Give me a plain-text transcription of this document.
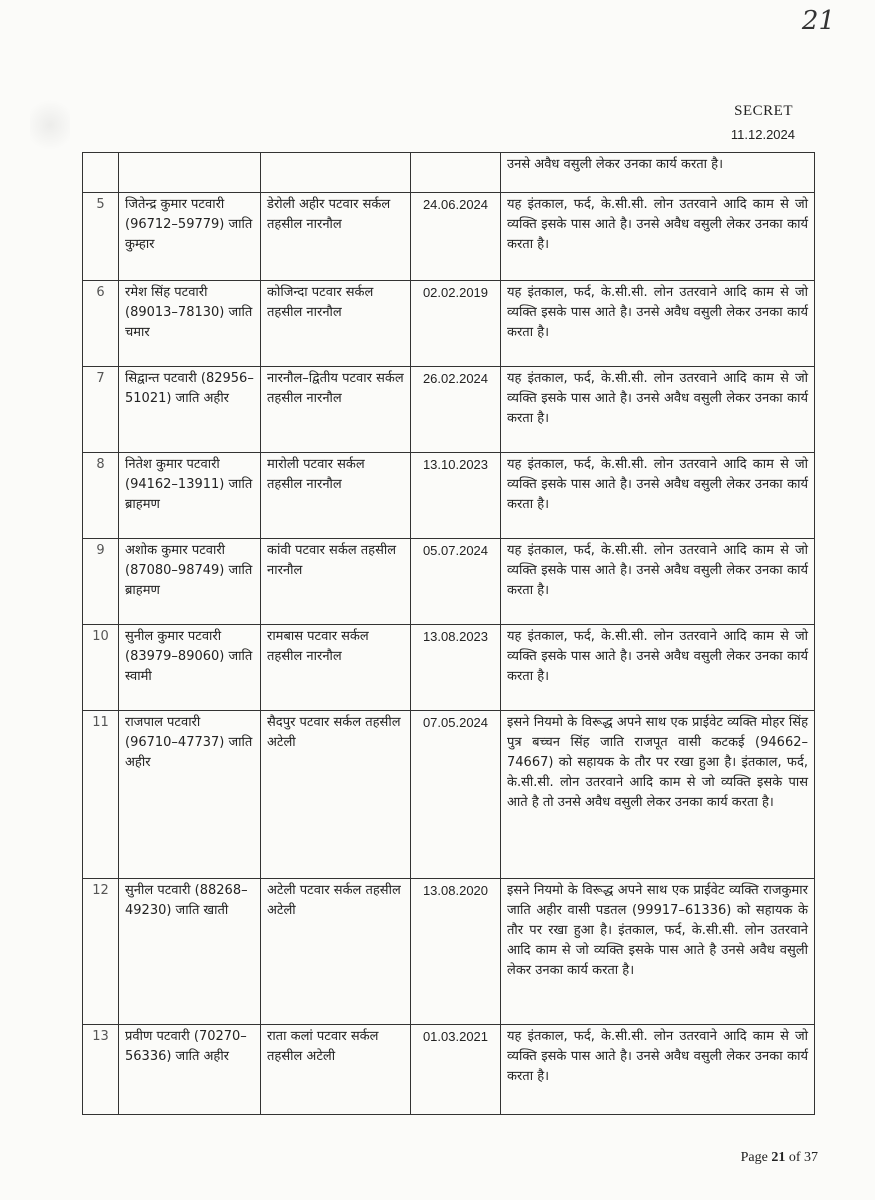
21
SECRET
11.12.2024
				उनसे अवैध वसुली लेकर उनका कार्य करता है।
5	जितेन्द्र कुमार पटवारी (96712–59779) जाति कुम्हार	डेरोली अहीर पटवार सर्कल तहसील नारनौल	24.06.2024	यह इंतकाल, फर्द, के.सी.सी. लोन उतरवाने आदि काम से जो व्यक्ति इसके पास आते है। उनसे अवैध वसुली लेकर उनका कार्य करता है।
6	रमेश सिंह पटवारी (89013–78130) जाति चमार	कोजिन्दा पटवार सर्कल तहसील नारनौल	02.02.2019	यह इंतकाल, फर्द, के.सी.सी. लोन उतरवाने आदि काम से जो व्यक्ति इसके पास आते है। उनसे अवैध वसुली लेकर उनका कार्य करता है।
7	सिद्वान्त पटवारी (82956–51021) जाति अहीर	नारनौल–द्वितीय पटवार सर्कल तहसील नारनौल	26.02.2024	यह इंतकाल, फर्द, के.सी.सी. लोन उतरवाने आदि काम से जो व्यक्ति इसके पास आते है। उनसे अवैध वसुली लेकर उनका कार्य करता है।
8	नितेश कुमार पटवारी (94162–13911) जाति ब्राहमण	मारोली पटवार सर्कल तहसील नारनौल	13.10.2023	यह इंतकाल, फर्द, के.सी.सी. लोन उतरवाने आदि काम से जो व्यक्ति इसके पास आते है। उनसे अवैध वसुली लेकर उनका कार्य करता है।
9	अशोक कुमार पटवारी (87080–98749) जाति ब्राहमण	कांवी पटवार सर्कल तहसील नारनौल	05.07.2024	यह इंतकाल, फर्द, के.सी.सी. लोन उतरवाने आदि काम से जो व्यक्ति इसके पास आते है। उनसे अवैध वसुली लेकर उनका कार्य करता है।
10	सुनील कुमार पटवारी (83979–89060) जाति स्वामी	रामबास पटवार सर्कल तहसील नारनौल	13.08.2023	यह इंतकाल, फर्द, के.सी.सी. लोन उतरवाने आदि काम से जो व्यक्ति इसके पास आते है। उनसे अवैध वसुली लेकर उनका कार्य करता है।
11	राजपाल पटवारी (96710–47737) जाति अहीर	सैदपुर पटवार सर्कल तहसील अटेली	07.05.2024	इसने नियमो के विरूद्ध अपने साथ एक प्राईवेट व्यक्ति मोहर सिंह पुत्र बच्चन सिंह जाति राजपूत वासी कटकई (94662–74667) को सहायक के तौर पर रखा हुआ है। इंतकाल, फर्द, के.सी.सी. लोन उतरवाने आदि काम से जो व्यक्ति इसके पास आते है तो उनसे अवैध वसुली लेकर उनका कार्य करता है।
12	सुनील पटवारी (88268–49230) जाति खाती	अटेली पटवार सर्कल तहसील अटेली	13.08.2020	इसने नियमो के विरूद्ध अपने साथ एक प्राईवेट व्यक्ति राजकुमार जाति अहीर वासी पडतल (99917–61336) को सहायक के तौर पर रखा हुआ है। इंतकाल, फर्द, के.सी.सी. लोन उतरवाने आदि काम से जो व्यक्ति इसके पास आते है उनसे अवैध वसुली लेकर उनका कार्य करता है।
13	प्रवीण पटवारी (70270–56336) जाति अहीर	राता कलां पटवार सर्कल तहसील अटेली	01.03.2021	यह इंतकाल, फर्द, के.सी.सी. लोन उतरवाने आदि काम से जो व्यक्ति इसके पास आते है। उनसे अवैध वसुली लेकर उनका कार्य करता है।
Page 21 of 37
